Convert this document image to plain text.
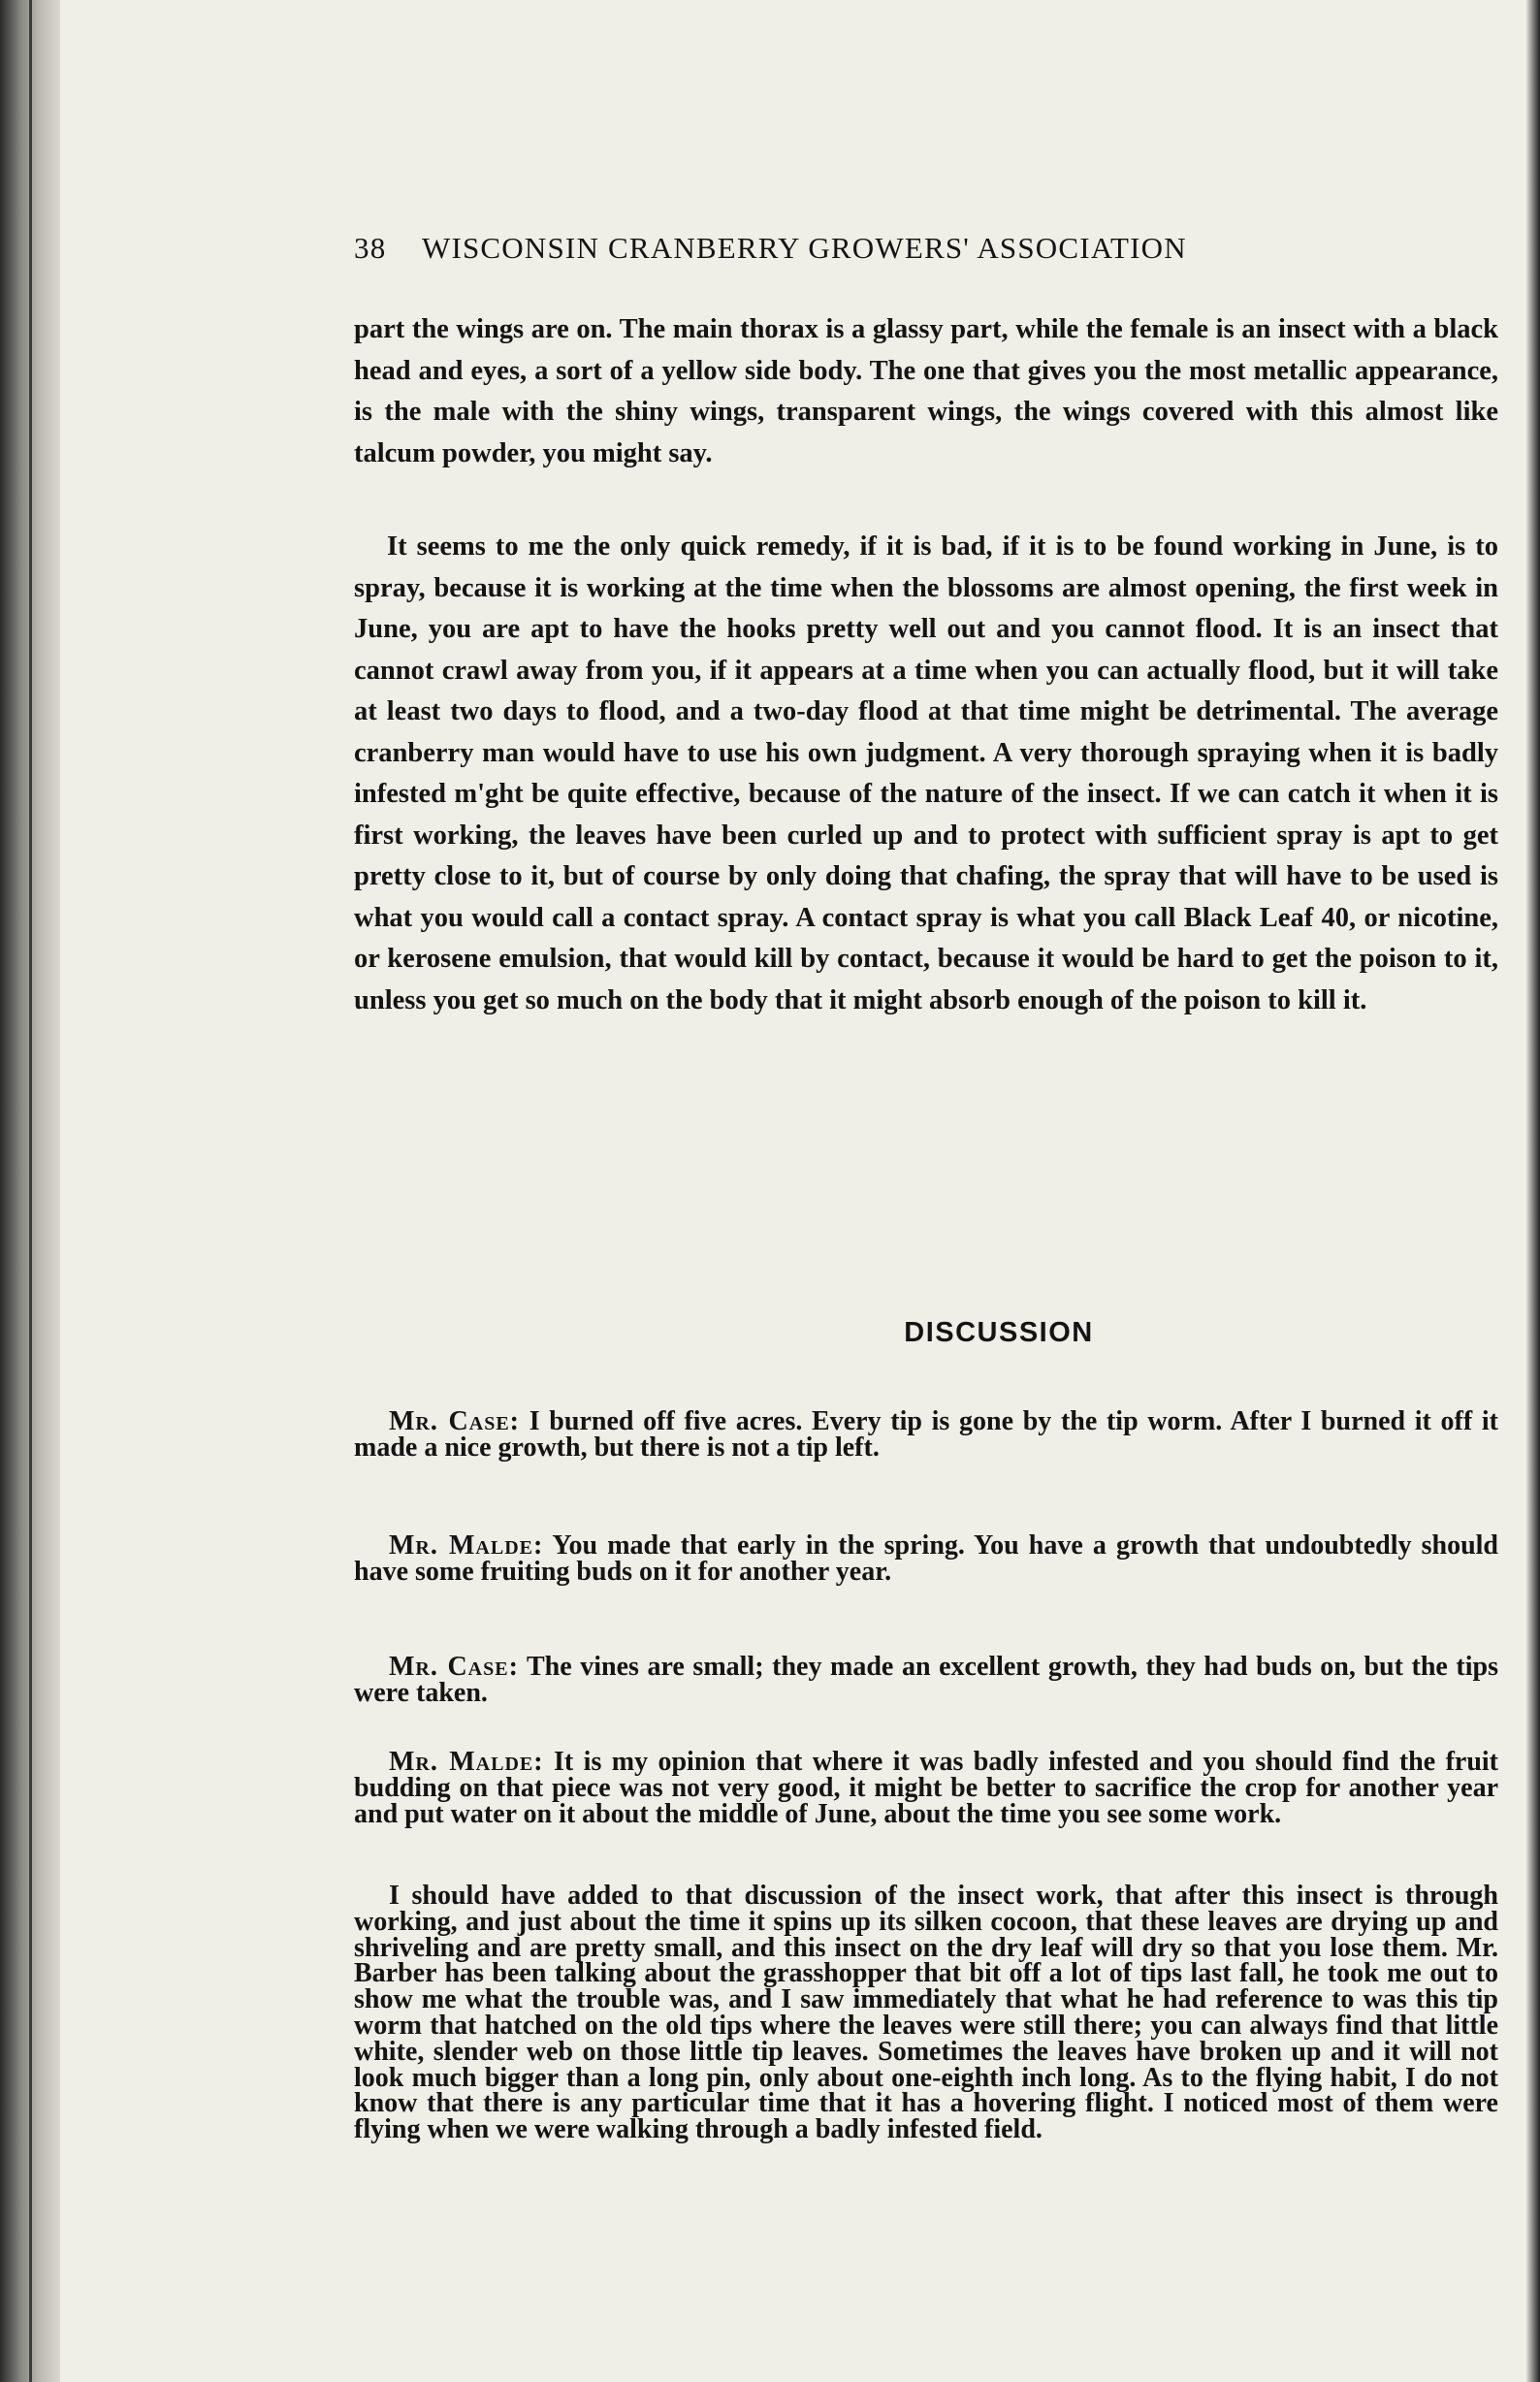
38 WISCONSIN CRANBERRY GROWERS' ASSOCIATION

part the wings are on. The main thorax is a glassy part, while the female is an insect with a black head and eyes, a sort of a yellow side body. The one that gives you the most metallic appearance, is the male with the shiny wings, transparent wings, the wings covered with this almost like talcum powder, you might say.

It seems to me the only quick remedy, if it is bad, if it is to be found working in June, is to spray, because it is working at the time when the blossoms are almost opening, the first week in June, you are apt to have the hooks pretty well out and you cannot flood. It is an insect that cannot crawl away from you, if it appears at a time when you can actually flood, but it will take at least two days to flood, and a two-day flood at that time might be detrimental. The average cranberry man would have to use his own judgment. A very thorough spraying when it is badly infested m'ght be quite effective, because of the nature of the insect. If we can catch it when it is first working, the leaves have been curled up and to protect with sufficient spray is apt to get pretty close to it, but of course by only doing that chafing, the spray that will have to be used is what you would call a contact spray. A contact spray is what you call Black Leaf 40, or nicotine, or kerosene emulsion, that would kill by contact, because it would be hard to get the poison to it, unless you get so much on the body that it might absorb enough of the poison to kill it.

DISCUSSION

Mr. Case: I burned off five acres. Every tip is gone by the tip worm. After I burned it off it made a nice growth, but there is not a tip left.

Mr. Malde: You made that early in the spring. You have a growth that undoubtedly should have some fruiting buds on it for another year.

Mr. Case: The vines are small; they made an excellent growth, they had buds on, but the tips were taken.

Mr. Malde: It is my opinion that where it was badly infested and you should find the fruit budding on that piece was not very good, it might be better to sacrifice the crop for another year and put water on it about the middle of June, about the time you see some work.

I should have added to that discussion of the insect work, that after this insect is through working, and just about the time it spins up its silken cocoon, that these leaves are drying up and shriveling and are pretty small, and this insect on the dry leaf will dry so that you lose them. Mr. Barber has been talking about the grasshopper that bit off a lot of tips last fall, he took me out to show me what the trouble was, and I saw immediately that what he had reference to was this tip worm that hatched on the old tips where the leaves were still there; you can always find that little white, slender web on those little tip leaves. Sometimes the leaves have broken up and it will not look much bigger than a long pin, only about one-eighth inch long. As to the flying habit, I do not know that there is any particular time that it has a hovering flight. I noticed most of them were flying when we were walking through a badly infested field.
